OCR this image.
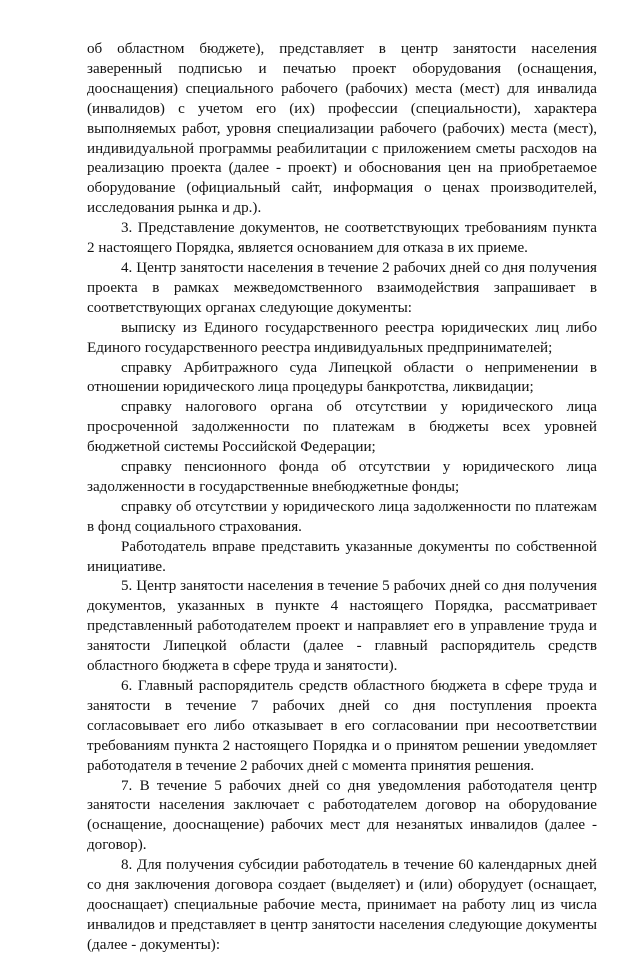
об областном бюджете), представляет в центр занятости населения заверенный подписью и печатью проект оборудования (оснащения, дооснащения) специального рабочего (рабочих) места (мест) для инвалида (инвалидов) с учетом его (их) профессии (специальности), характера выполняемых работ, уровня специализации рабочего (рабочих) места (мест), индивидуальной программы реабилитации с приложением сметы расходов на реализацию проекта (далее - проект) и обоснования цен на приобретаемое оборудование (официальный сайт, информация о ценах производителей, исследования рынка и др.).

3. Представление документов, не соответствующих требованиям пункта 2 настоящего Порядка, является основанием для отказа в их приеме.

4. Центр занятости населения в течение 2 рабочих дней со дня получения проекта в рамках межведомственного взаимодействия запрашивает в соответствующих органах следующие документы:

выписку из Единого государственного реестра юридических лиц либо Единого государственного реестра индивидуальных предпринимателей;

справку Арбитражного суда Липецкой области о неприменении в отношении юридического лица процедуры банкротства, ликвидации;

справку налогового органа об отсутствии у юридического лица просроченной задолженности по платежам в бюджеты всех уровней бюджетной системы Российской Федерации;

справку пенсионного фонда об отсутствии у юридического лица задолженности в государственные внебюджетные фонды;

справку об отсутствии у юридического лица задолженности по платежам в фонд социального страхования.

Работодатель вправе представить указанные документы по собственной инициативе.

5. Центр занятости населения в течение 5 рабочих дней со дня получения документов, указанных в пункте 4 настоящего Порядка, рассматривает представленный работодателем проект и направляет его в управление труда и занятости Липецкой области (далее - главный распорядитель средств областного бюджета в сфере труда и занятости).

6. Главный распорядитель средств областного бюджета в сфере труда и занятости в течение 7 рабочих дней со дня поступления проекта согласовывает его либо отказывает в его согласовании при несоответствии требованиям пункта 2 настоящего Порядка и о принятом решении уведомляет работодателя в течение 2 рабочих дней с момента принятия решения.

7. В течение 5 рабочих дней со дня уведомления работодателя центр занятости населения заключает с работодателем договор на оборудование (оснащение, дооснащение) рабочих мест для незанятых инвалидов (далее - договор).

8. Для получения субсидии работодатель в течение 60 календарных дней со дня заключения договора создает (выделяет) и (или) оборудует (оснащает, дооснащает) специальные рабочие места, принимает на работу лиц из числа инвалидов и представляет в центр занятости населения следующие документы (далее - документы):
